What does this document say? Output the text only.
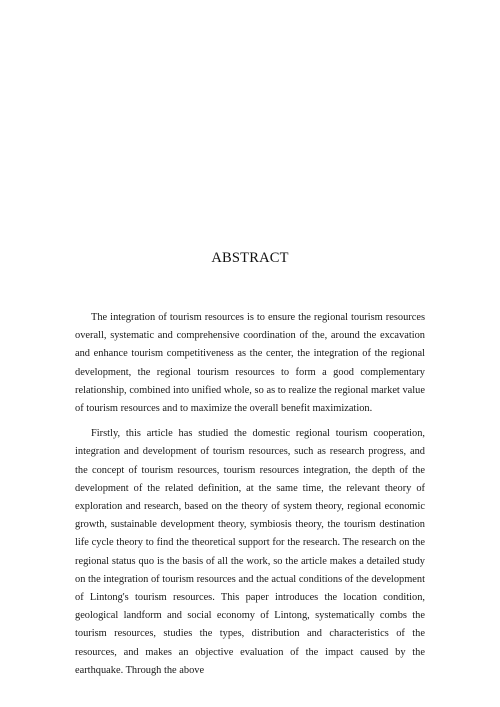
ABSTRACT

The integration of tourism resources is to ensure the regional tourism resources overall, systematic and comprehensive coordination of the, around the excavation and enhance tourism competitiveness as the center, the integration of the regional development, the regional tourism resources to form a good complementary relationship, combined into unified whole, so as to realize the regional market value of tourism resources and to maximize the overall benefit maximization.

Firstly, this article has studied the domestic regional tourism cooperation, integration and development of tourism resources, such as research progress, and the concept of tourism resources, tourism resources integration, the depth of the development of the related definition, at the same time, the relevant theory of exploration and research, based on the theory of system theory, regional economic growth, sustainable development theory, symbiosis theory, the tourism destination life cycle theory to find the theoretical support for the research. The research on the regional status quo is the basis of all the work, so the article makes a detailed study on the integration of tourism resources and the actual conditions of the development of Lintong's tourism resources. This paper introduces the location condition, geological landform and social economy of Lintong, systematically combs the tourism resources, studies the types, distribution and characteristics of the resources, and makes an objective evaluation of the impact caused by the earthquake. Through the above
